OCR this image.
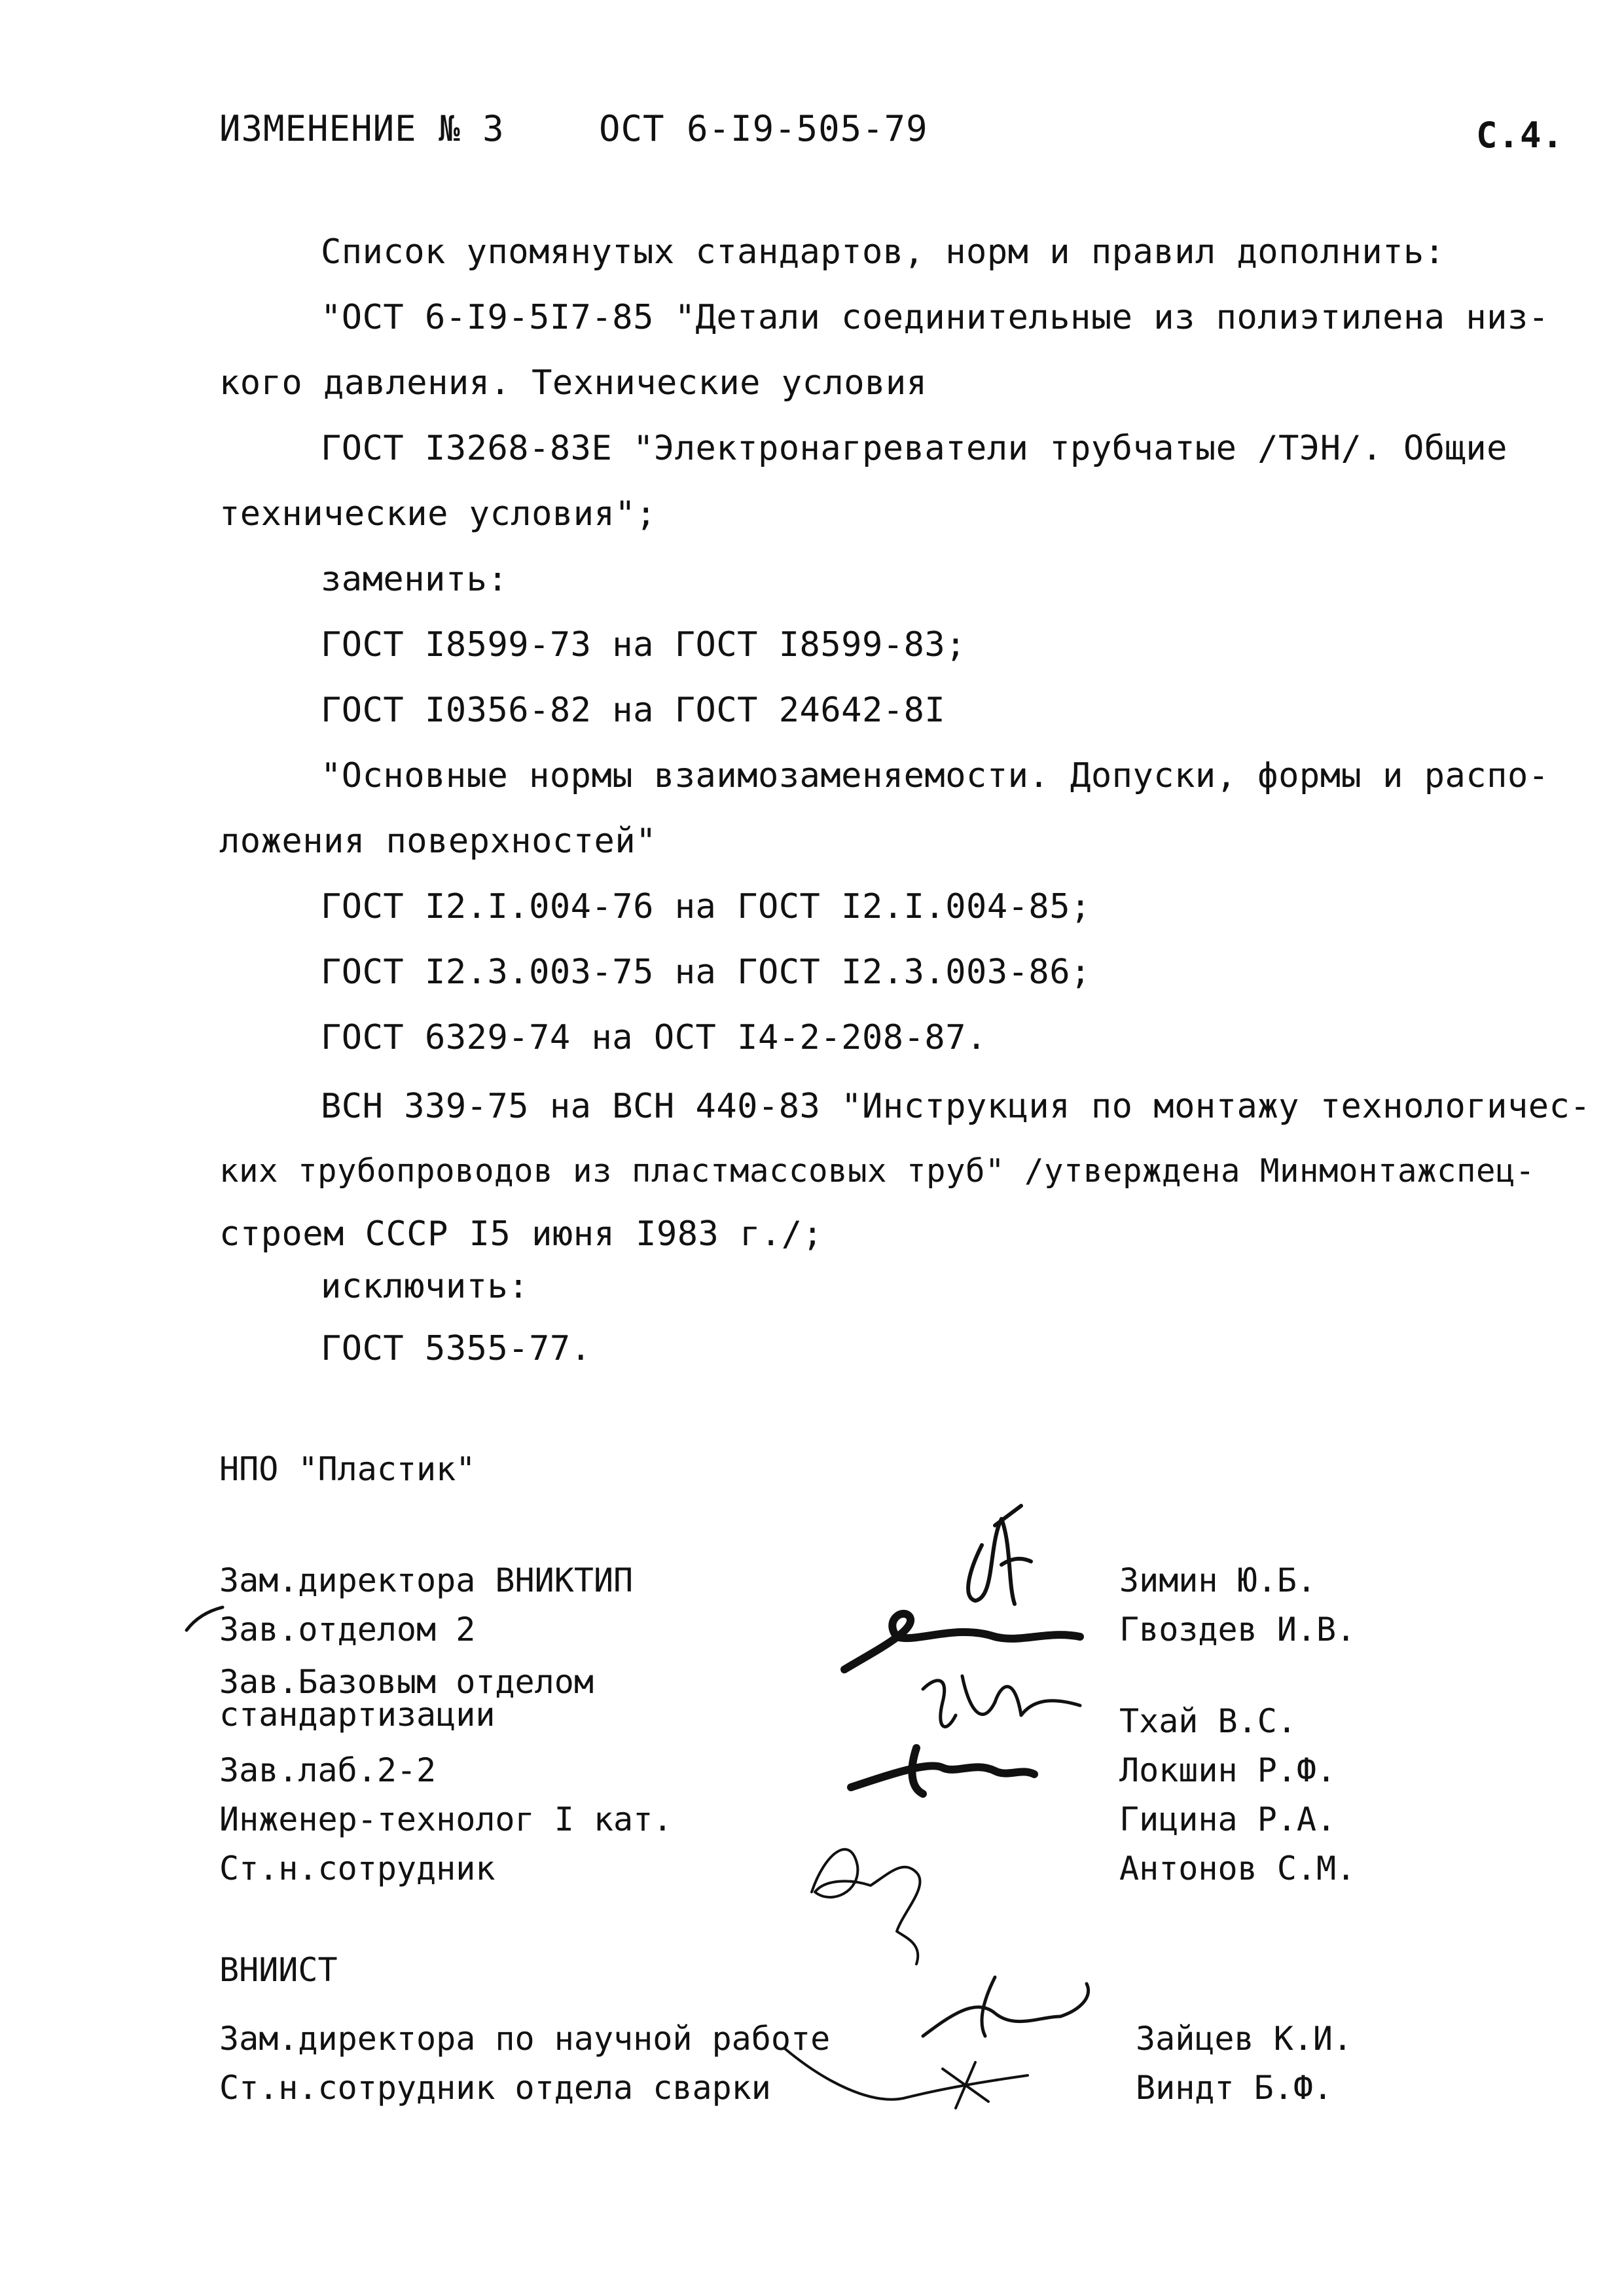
ИЗМЕНЕНИЕ № 3	ОСТ 6-I9-505-79	С.4.
Список упомянутых стандартов, норм и правил дополнить:
"ОСТ 6-I9-5I7-85 "Детали соединительные из полиэтилена низ-
кого давления. Технические условия
ГОСТ I3268-83Е "Электронагреватели трубчатые /ТЭН/. Общие
технические условия";
заменить:
ГОСТ I8599-73 на ГОСТ I8599-83;
ГОСТ I0356-82 на ГОСТ 24642-8I
"Основные нормы взаимозаменяемости. Допуски, формы и распо-
ложения поверхностей"
ГОСТ I2.I.004-76 на ГОСТ I2.I.004-85;
ГОСТ I2.3.003-75 на ГОСТ I2.3.003-86;
ГОСТ 6329-74 на ОСТ I4-2-208-87.
ВСН 339-75 на ВСН 440-83 "Инструкция по монтажу технологичес-
ких трубопроводов из пластмассовых труб" /утверждена Минмонтажспец-
строем СССР I5 июня I983 г./;
исключить:
ГОСТ 5355-77.
НПО "Пластик"
Зам.директора ВНИКТИП	Зимин Ю.Б.
Зав.отделом 2	Гвоздев И.В.
Зав.Базовым отделом
стандартизации	Тхай В.С.
Зав.лаб.2-2	Локшин Р.Ф.
Инженер-технолог I кат.	Гицина Р.А.
Ст.н.сотрудник	Антонов С.М.
ВНИИСТ
Зам.директора по научной работе	Зайцев К.И.
Ст.н.сотрудник отдела сварки	Виндт Б.Ф.
